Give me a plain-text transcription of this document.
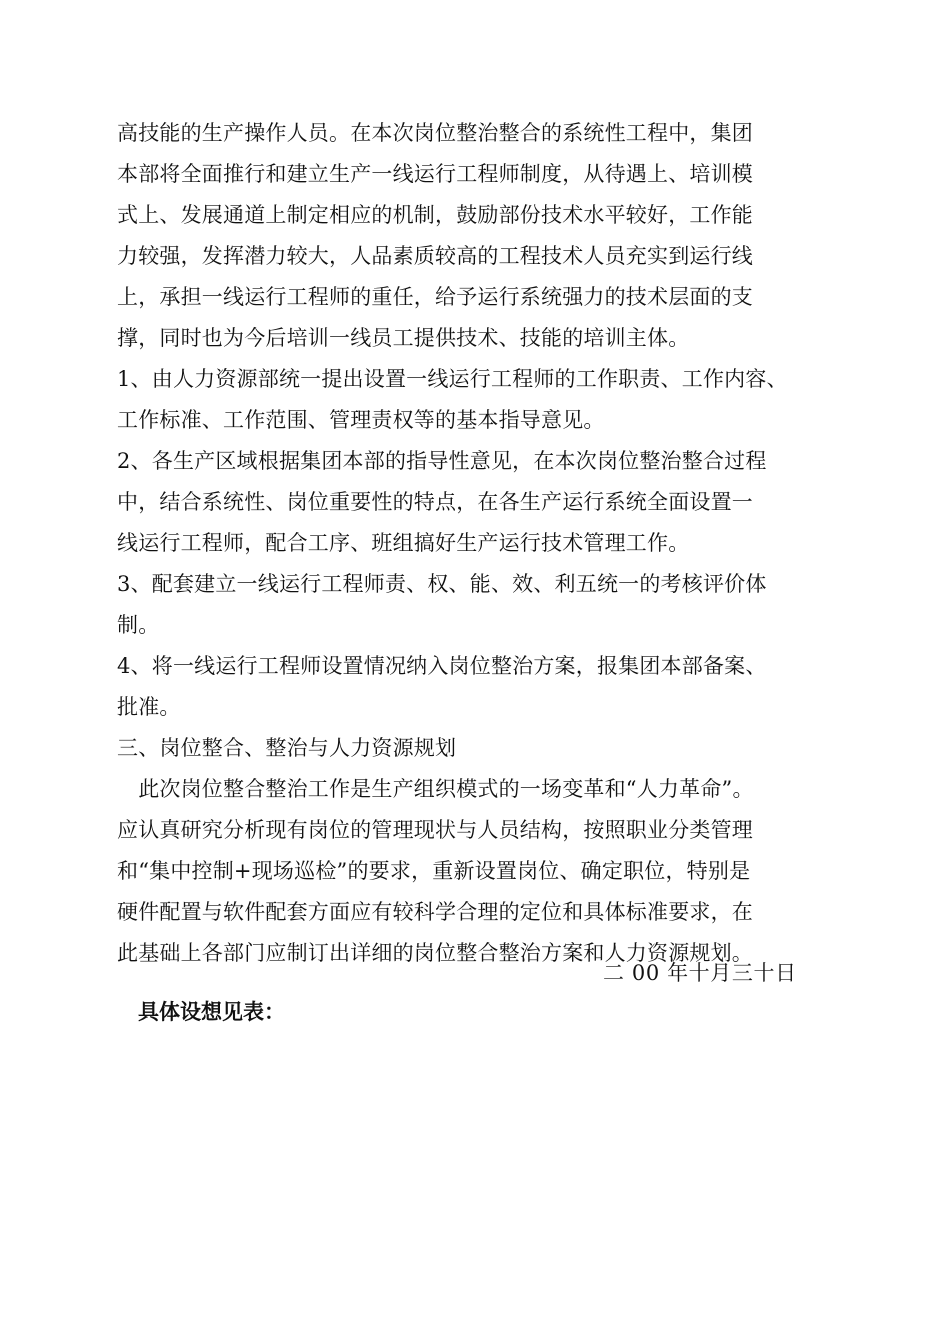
高技能的生产操作人员。在本次岗位整治整合的系统性工程中，集团
本部将全面推行和建立生产一线运行工程师制度，从待遇上、培训模
式上、发展通道上制定相应的机制，鼓励部份技术水平较好，工作能
力较强，发挥潜力较大，人品素质较高的工程技术人员充实到运行线
上，承担一线运行工程师的重任，给予运行系统强力的技术层面的支
撑，同时也为今后培训一线员工提供技术、技能的培训主体。
1、由人力资源部统一提出设置一线运行工程师的工作职责、工作内容、
工作标准、工作范围、管理责权等的基本指导意见。
2、各生产区域根据集团本部的指导性意见，在本次岗位整治整合过程
中，结合系统性、岗位重要性的特点，在各生产运行系统全面设置一
线运行工程师，配合工序、班组搞好生产运行技术管理工作。
3、配套建立一线运行工程师责、权、能、效、利五统一的考核评价体
制。
4、将一线运行工程师设置情况纳入岗位整治方案，报集团本部备案、
批准。
三、岗位整合、整治与人力资源规划
　此次岗位整合整治工作是生产组织模式的一场变革和“人力革命”。
应认真研究分析现有岗位的管理现状与人员结构，按照职业分类管理
和“集中控制+现场巡检”的要求，重新设置岗位、确定职位，特别是
硬件配置与软件配套方面应有较科学合理的定位和具体标准要求，在
此基础上各部门应制订出详细的岗位整合整治方案和人力资源规划。
二 00 年十月三十日
具体设想见表：
